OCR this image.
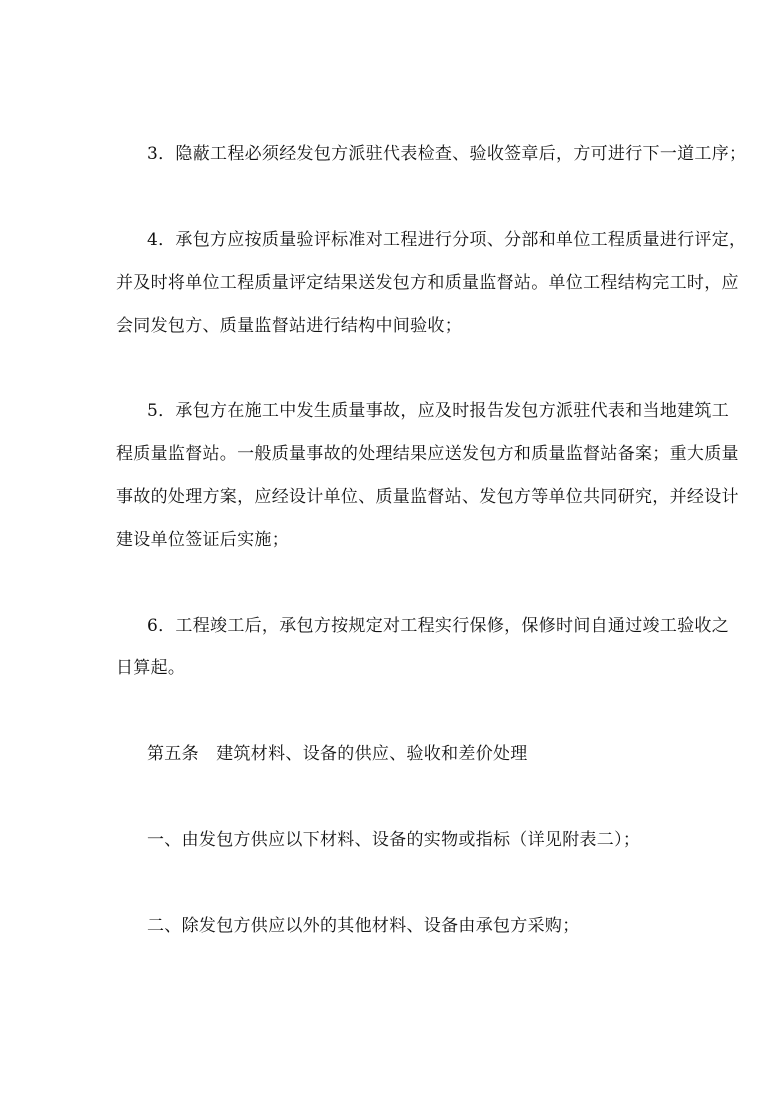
3．隐蔽工程必须经发包方派驻代表检查、验收签章后，方可进行下一道工序；
4．承包方应按质量验评标准对工程进行分项、分部和单位工程质量进行评定，
并及时将单位工程质量评定结果送发包方和质量监督站。单位工程结构完工时，应
会同发包方、质量监督站进行结构中间验收；
5．承包方在施工中发生质量事故，应及时报告发包方派驻代表和当地建筑工
程质量监督站。一般质量事故的处理结果应送发包方和质量监督站备案；重大质量
事故的处理方案，应经设计单位、质量监督站、发包方等单位共同研究，并经设计
建设单位签证后实施；
6．工程竣工后，承包方按规定对工程实行保修，保修时间自通过竣工验收之
日算起。
第五条　建筑材料、设备的供应、验收和差价处理
一、由发包方供应以下材料、设备的实物或指标（详见附表二）；
二、除发包方供应以外的其他材料、设备由承包方采购；
